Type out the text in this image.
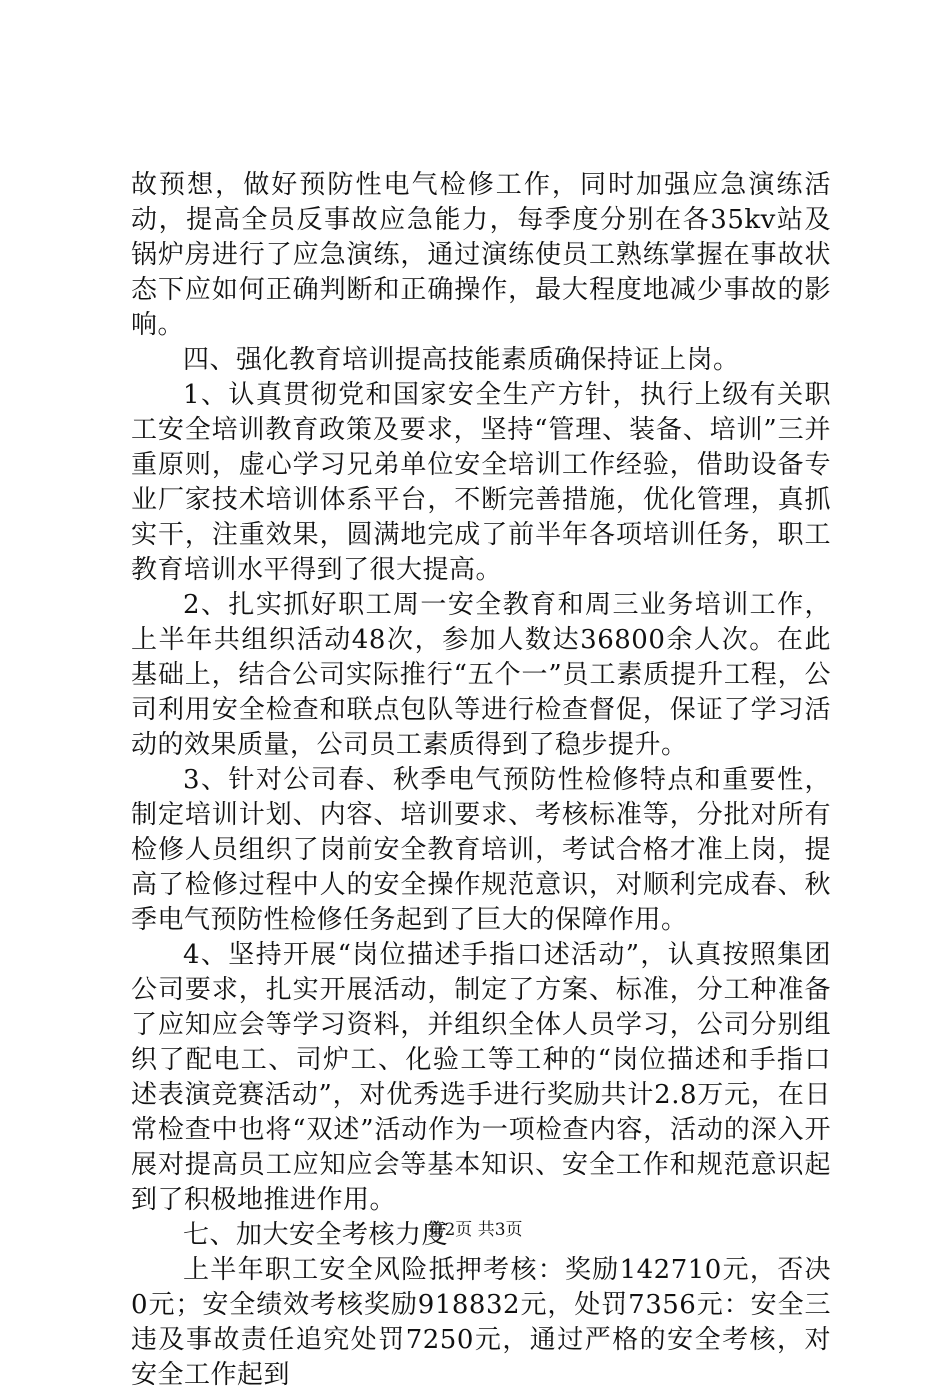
故预想，做好预防性电气检修工作，同时加强应急演练活动，提高全员反事故应急能力，每季度分别在各35kv站及锅炉房进行了应急演练，通过演练使员工熟练掌握在事故状态下应如何正确判断和正确操作，最大程度地减少事故的影响。

四、强化教育培训提高技能素质确保持证上岗。

1、认真贯彻党和国家安全生产方针，执行上级有关职工安全培训教育政策及要求，坚持“管理、装备、培训”三并重原则，虚心学习兄弟单位安全培训工作经验，借助设备专业厂家技术培训体系平台，不断完善措施，优化管理，真抓实干，注重效果，圆满地完成了前半年各项培训任务，职工教育培训水平得到了很大提高。

2、扎实抓好职工周一安全教育和周三业务培训工作，上半年共组织活动48次，参加人数达36800余人次。在此基础上，结合公司实际推行“五个一”员工素质提升工程，公司利用安全检查和联点包队等进行检查督促，保证了学习活动的效果质量，公司员工素质得到了稳步提升。

3、针对公司春、秋季电气预防性检修特点和重要性，制定培训计划、内容、培训要求、考核标准等，分批对所有检修人员组织了岗前安全教育培训，考试合格才准上岗，提高了检修过程中人的安全操作规范意识，对顺利完成春、秋季电气预防性检修任务起到了巨大的保障作用。

4、坚持开展“岗位描述手指口述活动”，认真按照集团公司要求，扎实开展活动，制定了方案、标准，分工种准备了应知应会等学习资料，并组织全体人员学习，公司分别组织了配电工、司炉工、化验工等工种的“岗位描述和手指口述表演竞赛活动”，对优秀选手进行奖励共计2.8万元，在日常检查中也将“双述”活动作为一项检查内容，活动的深入开展对提高员工应知应会等基本知识、安全工作和规范意识起到了积极地推进作用。

七、加大安全考核力度

上半年职工安全风险抵押考核：奖励142710元，否决0元；安全绩效考核奖励918832元，处罚7356元：安全三违及事故责任追究处罚7250元，通过严格的安全考核，对安全工作起到

第2页 共3页
